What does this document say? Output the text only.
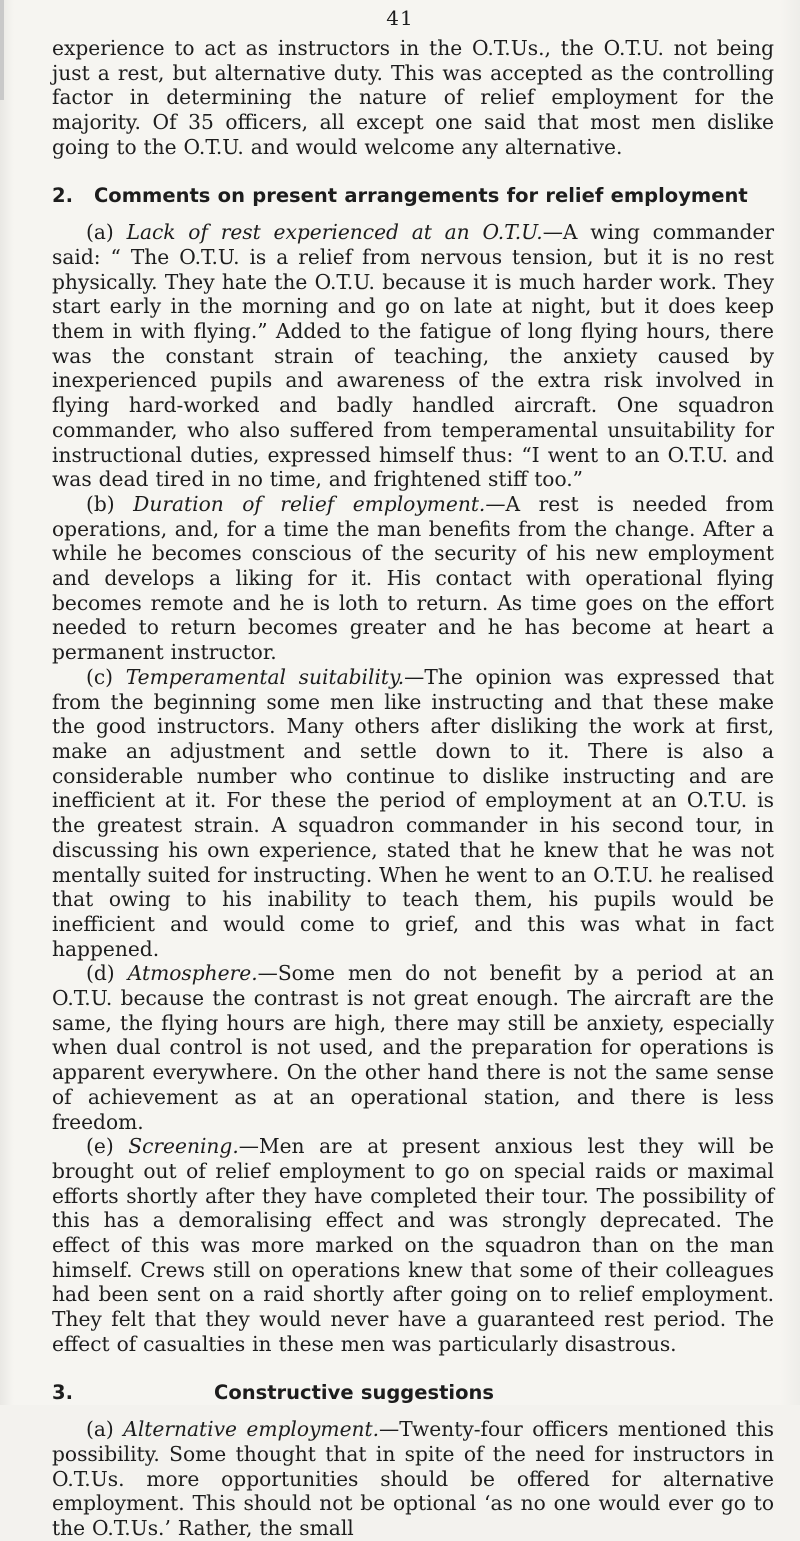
41

experience to act as instructors in the O.T.Us., the O.T.U. not being just a rest, but alternative duty. This was accepted as the controlling factor in determining the nature of relief employment for the majority. Of 35 officers, all except one said that most men dislike going to the O.T.U. and would welcome any alternative.

2.	Comments on present arrangements for relief employment

(a) Lack of rest experienced at an O.T.U.—A wing commander said: “ The O.T.U. is a relief from nervous tension, but it is no rest physically. They hate the O.T.U. because it is much harder work. They start early in the morning and go on late at night, but it does keep them in with flying.” Added to the fatigue of long flying hours, there was the constant strain of teaching, the anxiety caused by inexperienced pupils and awareness of the extra risk involved in flying hard-worked and badly handled aircraft. One squadron commander, who also suffered from temperamental unsuitability for instructional duties, expressed himself thus: “I went to an O.T.U. and was dead tired in no time, and frightened stiff too.”

(b) Duration of relief employment.—A rest is needed from operations, and, for a time the man benefits from the change. After a while he becomes conscious of the security of his new employment and develops a liking for it. His contact with operational flying becomes remote and he is loth to return. As time goes on the effort needed to return becomes greater and he has become at heart a permanent instructor.

(c) Temperamental suitability.—The opinion was expressed that from the beginning some men like instructing and that these make the good instructors. Many others after disliking the work at first, make an adjustment and settle down to it. There is also a considerable number who continue to dislike instructing and are inefficient at it. For these the period of employment at an O.T.U. is the greatest strain. A squadron commander in his second tour, in discussing his own experience, stated that he knew that he was not mentally suited for instructing. When he went to an O.T.U. he realised that owing to his inability to teach them, his pupils would be inefficient and would come to grief, and this was what in fact happened.

(d) Atmosphere.—Some men do not benefit by a period at an O.T.U. because the contrast is not great enough. The aircraft are the same, the flying hours are high, there may still be anxiety, especially when dual control is not used, and the preparation for operations is apparent everywhere. On the other hand there is not the same sense of achievement as at an operational station, and there is less freedom.

(e) Screening.—Men are at present anxious lest they will be brought out of relief employment to go on special raids or maximal efforts shortly after they have completed their tour. The possibility of this has a demoralising effect and was strongly deprecated. The effect of this was more marked on the squadron than on the man himself. Crews still on operations knew that some of their colleagues had been sent on a raid shortly after going on to relief employment. They felt that they would never have a guaranteed rest period. The effect of casualties in these men was particularly disastrous.

3.	Constructive suggestions

(a) Alternative employment.—Twenty-four officers mentioned this possibility. Some thought that in spite of the need for instructors in O.T.Us. more opportunities should be offered for alternative employment. This should not be optional ‘as no one would ever go to the O.T.Us.’ Rather, the small
